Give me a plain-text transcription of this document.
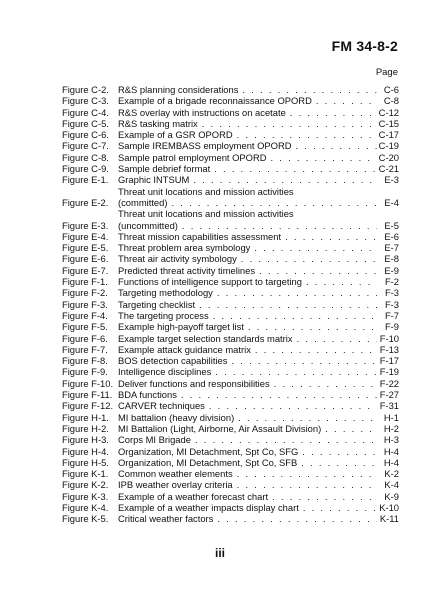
FM 34-8-2
Page
Figure C-2. R&S planning considerations . . .	C-6
Figure C-3. Example of a brigade reconnaissance OPORD . . .	C-8
Figure C-4. R&S overlay with instructions on acetate . . .	C-12
Figure C-5. R&S tasking matrix . . .	C-15
Figure C-6. Example of a GSR OPORD . . .	C-17
Figure C-7. Sample IREMBASS employment OPORD . . .	C-19
Figure C-8. Sample patrol employment OPORD . . .	C-20
Figure C-9. Sample debrief format . . .	C-21
Figure E-1.	Graphic INTSUM . . .	E-3
Figure E-2.
Threat unit locations and mission activities
(committed) . . .	E-4
Figure E-3.
Threat unit locations and mission activities
(uncommitted) . . .	E-5
Figure E-4.	Threat mission capabilities assessment . . .	E-6
Figure E-5.	Threat problem area symbology . . .	E-7
Figure E-6.	Threat air activity symbology . . .	E-8
Figure E-7.	Predicted threat activity timelines . . .	E-9
Figure F-1.	Functions of intelligence support to targeting . . .	F-2
Figure F-2.	Targeting methodology . . .	F-3
Figure F-3.	Targeting checklist . . .	F-3
Figure F-4.	The targeting process . . .	F-7
Figure F-5.	Example high-payoff target list . . .	F-9
Figure F-6.	Example target selection standards matrix . . .	F-10
Figure F-7.	Example attack guidance matrix . . .	F-13
Figure F-8.	BOS detection capabilities . . .	F-17
Figure F-9.	Intelligence disciplines . . .	F-19
Figure F-10. Deliver functions and responsibilities . . .	F-22
Figure F-11. BDA functions . . .	F-27
Figure F-12. CARVER techniques . . .	F-31
Figure H-1. MI battalion (heavy division) . . .	H-1
Figure H-2. MI Battalion (Light, Airborne, Air Assault Division) . . .	H-2
Figure H-3. Corps MI Brigade . . .	H-3
Figure H-4. Organization, MI Detachment, Spt Co, SFG . . .	H-4
Figure H-5. Organization, MI Detachment, Spt Co, SFB . . .	H-4
Figure K-1.	Common weather elements . . .	K-2
Figure K-2.	IPB weather overlay criteria . . .	K-4
Figure K-3.	Example of a weather forecast chart . . .	K-9
Figure K-4.	Example of a weather impacts display chart . . .	K-10
Figure K-5.	Critical weather factors . . .	K-11
iii
